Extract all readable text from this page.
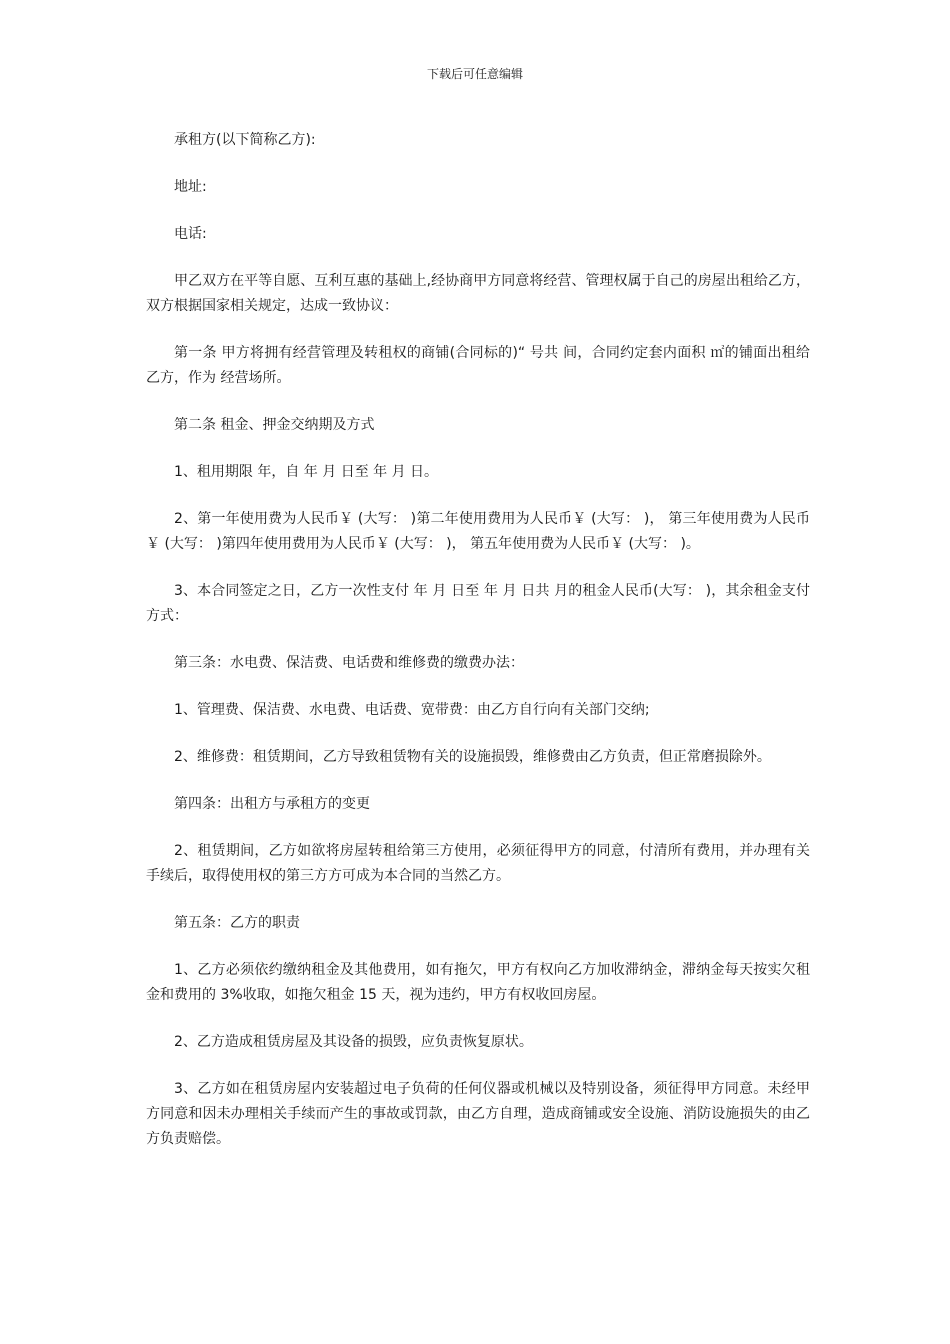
下载后可任意编辑

承租方(以下简称乙方):

地址:

电话:

甲乙双方在平等自愿、互利互惠的基础上,经协商甲方同意将经营、管理权属于自己的房屋出租给乙方，双方根据国家相关规定，达成一致协议：

第一条 甲方将拥有经营管理及转租权的商铺(合同标的)“ 号共 间，合同约定套内面积 ㎡的铺面出租给乙方，作为 经营场所。

第二条 租金、押金交纳期及方式

1、租用期限 年，自 年 月 日至 年 月 日。

2、第一年使用费为人民币￥ (大写： )第二年使用费用为人民币￥ (大写： )， 第三年使用费为人民币￥ (大写： )第四年使用费用为人民币￥ (大写： )， 第五年使用费为人民币￥ (大写： )。

3、本合同签定之日，乙方一次性支付 年 月 日至 年 月 日共 月的租金人民币(大写： )，其余租金支付方式：

第三条：水电费、保洁费、电话费和维修费的缴费办法：

1、管理费、保洁费、水电费、电话费、宽带费：由乙方自行向有关部门交纳;

2、维修费：租赁期间，乙方导致租赁物有关的设施损毁，维修费由乙方负责，但正常磨损除外。

第四条：出租方与承租方的变更

2、租赁期间，乙方如欲将房屋转租给第三方使用，必须征得甲方的同意，付清所有费用，并办理有关手续后，取得使用权的第三方方可成为本合同的当然乙方。

第五条：乙方的职责

1、乙方必须依约缴纳租金及其他费用，如有拖欠，甲方有权向乙方加收滞纳金，滞纳金每天按实欠租金和费用的 3%收取，如拖欠租金 15 天，视为违约，甲方有权收回房屋。

2、乙方造成租赁房屋及其设备的损毁，应负责恢复原状。

3、乙方如在租赁房屋内安装超过电子负荷的任何仪器或机械以及特别设备，须征得甲方同意。未经甲方同意和因未办理相关手续而产生的事故或罚款，由乙方自理，造成商铺或安全设施、消防设施损失的由乙方负责赔偿。
